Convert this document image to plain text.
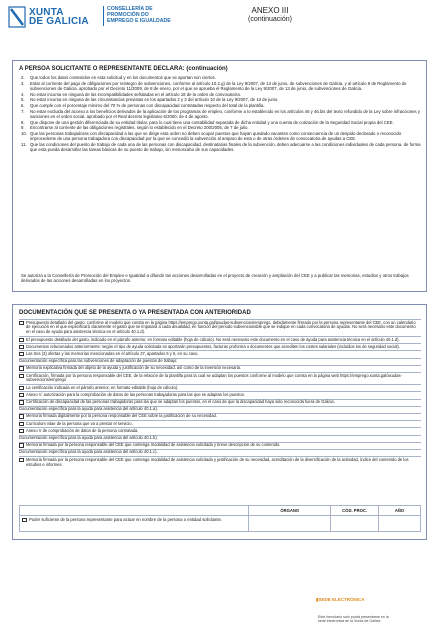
XUNTA
DE GALICIA
CONSELLERÍA DE
PROMOCIÓN DO
EMPREGO E IGUALDADE
ANEXO III
(continuación)
A PERSOA SOLICITANTE O REPRESENTANTE DECLARA: (continuación)
2. Que todos los datos contenidos en esta solicitud y en los documentos que se aportan son ciertos.
3. Estar al corriente del pago de obligaciones por reintegro de subvenciones, conforme al artículo 10.2.g) de la Ley 9/2007, de 13 de junio, de subvenciones de Galicia, y al artículo 9 de Reglamento de subvenciones de Galicia, aprobado por el Decreto 11/2009, de 8 de enero, por el que se aprueba el Reglamento de la Ley 9/2007, de 13 de junio, de subvenciones de Galicia.
4. No estar incursa en ninguna de las incompatibilidades señaladas en el artículo 18 de la orden de convocatoria.
5. No estar incursa en ninguna de las circunstancias previstas en los apartados 2 y 3 del artículo 10 de la Ley 9/2007, de 13 de junio.
6. Que cumple con el porcentaje mínimo del 70 % de personas con discapacidad contratadas respecto del total de la plantilla.
7. No estar excluida del acceso a los beneficios derivados de la aplicación de los programas de empleo, conforme a lo establecido en los artículos 46 y 46.bis del texto refundido de la Ley sobre infracciones y sanciones en el orden social, aprobado por el Real decreto legislativo 5/2000, de 4 de agosto.
8. Que dispone de una gestión diferenciada de su entidad titular, para lo cual tiene una contabilidad separada de dicha entidad y una cuenta de cotización de la Seguridad Social propia del CEE.
9. Encontrarse al corriente de las obligaciones registrales, según lo establecido en el Decreto 200/2005, de 7 de julio.
10. Que las personas trabajadoras con discapacidad a las que se dirige esta orden no deben ocupar puestos que hayan quedado vacantes como consecuencia de un despido declarado o reconocido improcedente de una persona trabajadora con discapacidad por la que se concedió la subvención al amparo de esta o de otras órdenes de convocatoria de ayudas a CEE.
11. Que las condiciones del puesto de trabajo de cada una de las personas con discapacidad, destinatarias finales de la subvención, deben adecuarse a las condiciones individuales de cada persona, de forma que esta pueda desarrollar las tareas básicas de su puesto de trabajo, sin menoscabo de sus capacidades.
Se autoriza a la Consellería de Promoción del Empleo e Igualdad a difundir las acciones desarrolladas en el proyecto de creación y ampliación del CEE y a publicar las memorias, estudios y otros trabajos derivados de las acciones desarrolladas en los proyectos.
DOCUMENTACIÓN QUE SE PRESENTA O YA PRESENTADA CON ANTERIORIDAD
Presupuesto detallado del gasto, conforme al modelo que consta en la página https://emprego.xunta.gal/axudas-subvencions/emprego, debidamente firmado por la persona representante del CEE, con un calendario de ejecución en el que especificará claramente el gasto que se imputará a cada anualidad, en función del período subvencionable que se indique en cada convocatoria de ayudas. No será necesario este documento en el caso de ayuda para asistencia técnica en el artículo 40.1.d).
El presupuesto detallado del gasto, indicado en el párrafo anterior, en formato editable (hoja de cálculo). No será necesario este documento en el caso de ayuda para asistencia técnica en el artículo 40.1.d).
Documentos relacionados anteriormente: según el tipo de ayuda solicitada se aportarán presupuestos, facturas proforma o documentos que acrediten los costes salariales (incluidos los de seguridad social).
Las tres (3) ofertas y las memorias mencionadas en el artículo 37, apartados 5 y 6, en su caso.
Documentación específica para las subvenciones de adaptación de puestos de trabajo:
Memoria explicativa firmada del objeto de la ayuda y justificación de su necesidad, así como de la inversión necesaria.
Certificación, firmada por la persona responsable del CEE, de la relación de la plantilla para la cual se adaptan los puestos conforme al modelo que consta en la página web https://emprego.xunta.gal/axudas-subvencions/emprego
La certificación indicada en el párrafo anterior, en formato editable (hoja de cálculo).
Anexo V: autorización para la comprobación de datos de las personas trabajadoras para las que se adaptan los puestos.
Certificación de discapacidad de las personas trabajadoras para las que se adaptan los puestos, en el caso de que la discapacidad haya sido reconocida fuera de Galicia.
Documentación específica para la ayuda para asistencia del artículo 40.1.a).
Memoria firmada digitalmente por la persona responsable del CEE sobre la justificación de su necesidad.
Curriculum vitae de la persona que va a prestar el servicio.
Anexo V de comprobación de datos de la persona contratada.
Documentación específica para la ayuda para asistencia del artículo 40.1.b).
Memoria firmada por la persona responsable del CEE que contenga modalidad de asistencia solicitada y breve descripción de su contenido.
Documentación específica para la ayuda para asistencia del artículo 40.1.c).
Memoria firmada por la persona responsable del CEE que contenga modalidad de asistencia solicitada y justificación de su necesidad, acreditación de la diversificación de la actividad, índice del contenido de los estudios e informes.
	ÓRGANO	CÓD. PROC.	AÑO

Poder suficiente de la persona representante para actuar en nombre de la persona o entidad solicitante.			

▮SEDE ELECTRÓNICA Este formulario solo podrá presentarse en la sede electrónica de la Xunta de Galicia
